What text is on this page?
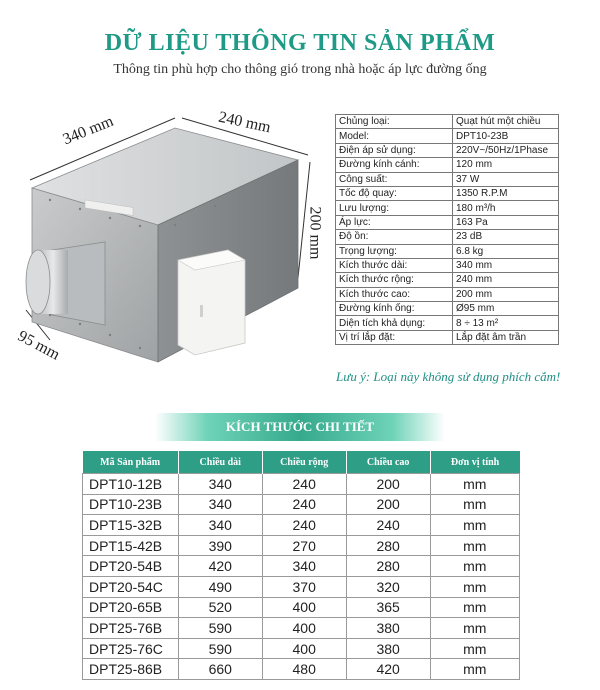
DỮ LIỆU THÔNG TIN SẢN PHẨM
Thông tin phù hợp cho thông gió trong nhà hoặc áp lực đường ống
340 mm	240 mm
200 mm
95 mm
Chủng loại:	Quạt hút một chiều
Model:	DPT10-23B
Điện áp sử dụng:	220V~/50Hz/1Phase
Đường kính cánh:	120 mm
Công suất:	37 W
Tốc độ quay:	1350 R.P.M
Lưu lượng:	180 m³/h
Áp lực:	163 Pa
Độ ồn:	23 dB
Trọng lượng:	6.8 kg
Kích thước dài:	340 mm
Kích thước rộng:	240 mm
Kích thước cao:	200 mm
Đường kính ống:	Ø95 mm
Diện tích khả dụng:	8 ÷ 13 m²
Vị trí lắp đặt:	Lắp đặt âm trần
Lưu ý: Loại này không sử dụng phích cắm!
KÍCH THƯỚC CHI TIẾT
Mã Sản phẩm	Chiều dài	Chiều rộng	Chiều cao	Đơn vị tính
DPT10-12B	340	240	200	mm
DPT10-23B	340	240	200	mm
DPT15-32B	340	240	240	mm
DPT15-42B	390	270	280	mm
DPT20-54B	420	340	280	mm
DPT20-54C	490	370	320	mm
DPT20-65B	520	400	365	mm
DPT25-76B	590	400	380	mm
DPT25-76C	590	400	380	mm
DPT25-86B	660	480	420	mm
